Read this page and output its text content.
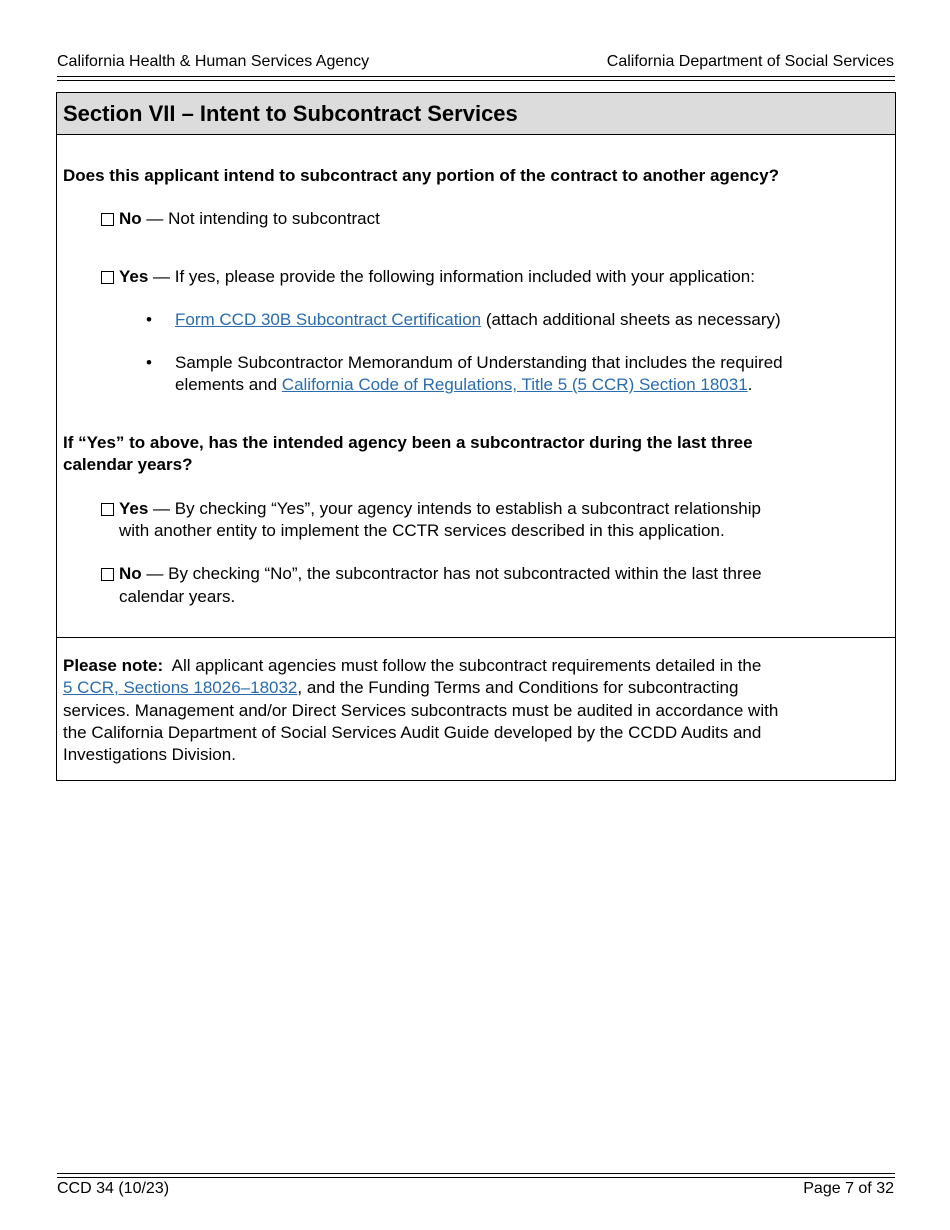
California Health & Human Services Agency	California Department of Social Services
Section VII – Intent to Subcontract Services
Does this applicant intend to subcontract any portion of the contract to another agency?
No — Not intending to subcontract
Yes — If yes, please provide the following information included with your application:
• Form CCD 30B Subcontract Certification (attach additional sheets as necessary)
• Sample Subcontractor Memorandum of Understanding that includes the required
elements and California Code of Regulations, Title 5 (5 CCR) Section 18031.
If “Yes” to above, has the intended agency been a subcontractor during the last three
calendar years?
Yes — By checking “Yes”, your agency intends to establish a subcontract relationship
with another entity to implement the CCTR services described in this application.
No — By checking “No”, the subcontractor has not subcontracted within the last three
calendar years.
Please note:  All applicant agencies must follow the subcontract requirements detailed in the
5 CCR, Sections 18026–18032, and the Funding Terms and Conditions for subcontracting
services. Management and/or Direct Services subcontracts must be audited in accordance with
the California Department of Social Services Audit Guide developed by the CCDD Audits and
Investigations Division.
CCD 34 (10/23)	Page 7 of 32
